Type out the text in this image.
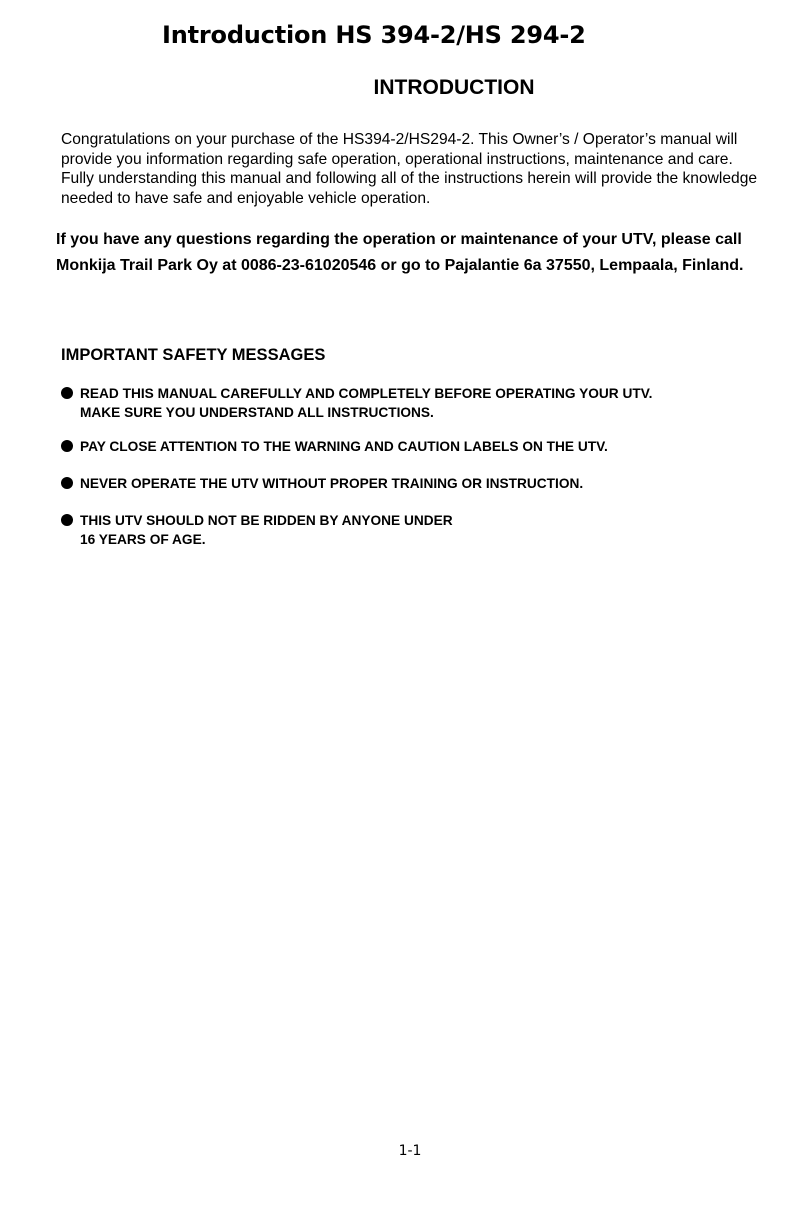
Introduction HS 394-2/HS 294-2
INTRODUCTION

Congratulations on your purchase of the HS394-2/HS294-2. This Owner’s / Operator’s manual will provide you information regarding safe operation, operational instructions, maintenance and care. Fully understanding this manual and following all of the instructions herein will provide the knowledge needed to have safe and enjoyable vehicle operation.

If you have any questions regarding the operation or maintenance of your UTV, please call Monkija Trail Park Oy at 0086-23-61020546 or go to Pajalantie 6a 37550, Lempaala, Finland.

IMPORTANT SAFETY MESSAGES
READ THIS MANUAL CAREFULLY AND COMPLETELY BEFORE OPERATING YOUR UTV.
MAKE SURE YOU UNDERSTAND ALL INSTRUCTIONS.
PAY CLOSE ATTENTION TO THE WARNING AND CAUTION LABELS ON THE UTV.
NEVER OPERATE THE UTV WITHOUT PROPER TRAINING OR INSTRUCTION.
THIS UTV SHOULD NOT BE RIDDEN BY ANYONE UNDER
16 YEARS OF AGE.
1-1
